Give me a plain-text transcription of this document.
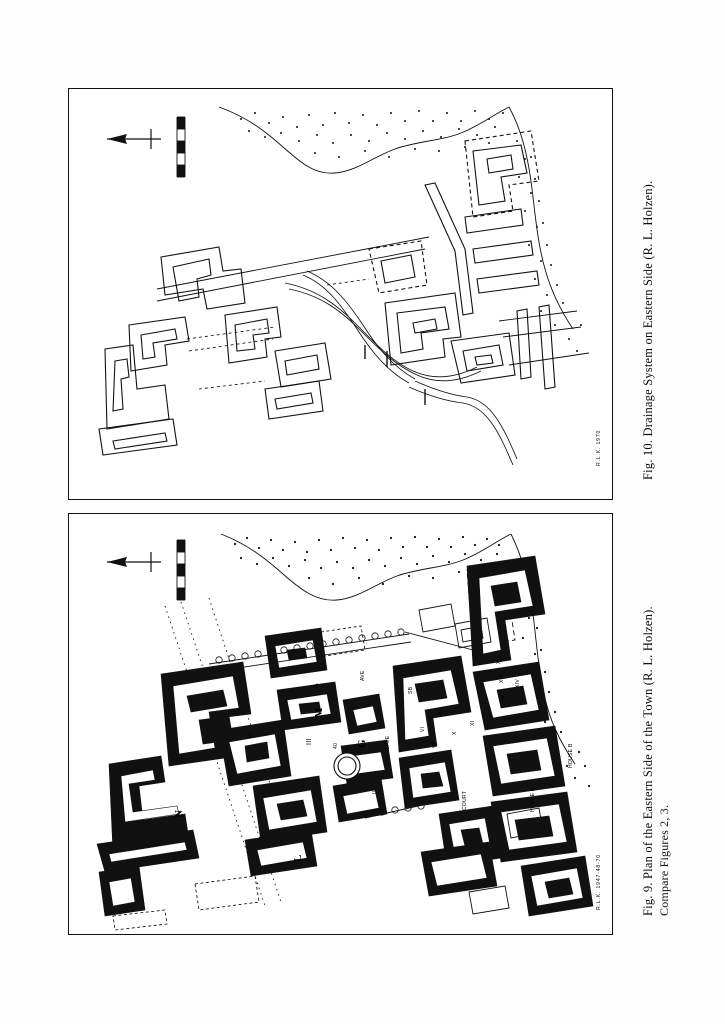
R.L.K. 1970	Fig. 10. Drainage System on Eastern Side (R. L. Holzen).
N
L
M
III
II
I
A
G
40	GATE
COURT	HOUSE A
HOUSE B
SB
AVE
XII
XIII
XIV
XV
XI
X
IX
VI
VII
V
IV
R.L.K. 1947-48-70	Fig. 9. Plan of the Eastern Side of the Town (R. L. Holzen). Compare Figures 2, 3.
